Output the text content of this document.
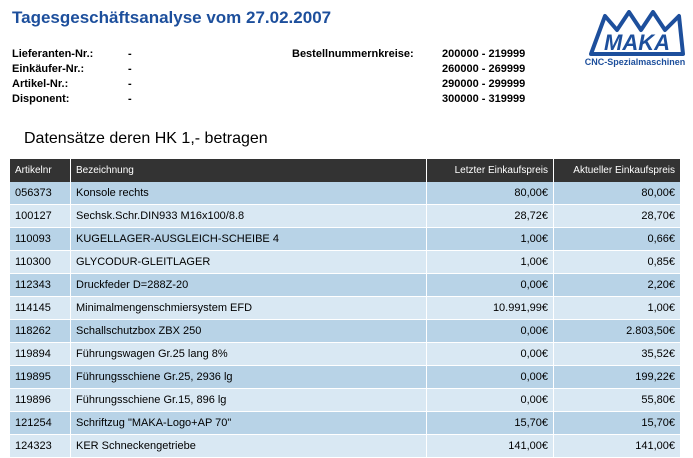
Tagesgeschäftsanalyse vom 27.02.2007
MAKA
CNC-Spezialmaschinen
Lieferanten-Nr.:	-
Einkäufer-Nr.:	-
Artikel-Nr.:	-
Disponent:	-
Bestellnummernkreise:	200000 - 219999
260000 - 269999
290000 - 299999
300000 - 319999
Datensätze deren HK 1,- betragen
Artikelnr	Bezeichnung	Letzter Einkaufspreis	Aktueller Einkaufspreis
056373	Konsole rechts	80,00€	80,00€
100127	Sechsk.Schr.DIN933 M16x100/8.8	28,72€	28,70€
110093	KUGELLAGER-AUSGLEICH-SCHEIBE 4	1,00€	0,66€
110300	GLYCODUR-GLEITLAGER	1,00€	0,85€
112343	Druckfeder D=288Z-20	0,00€	2,20€
114145	Minimalmengenschmiersystem EFD	10.991,99€	1,00€
118262	Schallschutzbox ZBX 250	0,00€	2.803,50€
119894	Führungswagen Gr.25 lang 8%	0,00€	35,52€
119895	Führungsschiene Gr.25, 2936 lg	0,00€	199,22€
119896	Führungsschiene Gr.15, 896 lg	0,00€	55,80€
121254	Schriftzug "MAKA-Logo+AP 70"	15,70€	15,70€
124323	KER Schneckengetriebe	141,00€	141,00€
